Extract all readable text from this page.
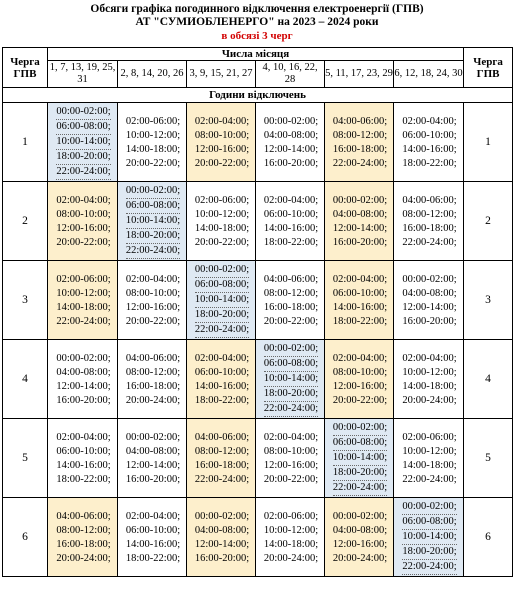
Обсяги графіка погодинного відключення електроенергії (ГПВ)
АТ "СУМИОБЛЕНЕРГО" на 2023 – 2024 роки
в обсязі 3 черг
Черга ГПВ	Числа місяця						Черга ГПВ
	1, 7, 13, 19, 25, 31	2, 8, 14, 20, 26	3, 9, 15, 21, 27	4, 10, 16, 22, 28	5, 11, 17, 23, 29	6, 12, 18, 24, 30	
Години відключень							
1	00:00-02:00;
06:00-08:00;
10:00-14:00;
18:00-20:00;
22:00-24:00;	02:00-06:00;
10:00-12:00;
14:00-18:00;
20:00-22:00;	02:00-04:00;
08:00-10:00;
12:00-16:00;
20:00-22:00;	00:00-02:00;
04:00-08:00;
12:00-14:00;
16:00-20:00;	04:00-06:00;
08:00-12:00;
16:00-18:00;
22:00-24:00;	02:00-04:00;
06:00-10:00;
14:00-16:00;
18:00-22:00;	1
2	02:00-04:00;
08:00-10:00;
12:00-16:00;
20:00-22:00;	00:00-02:00;
06:00-08:00;
10:00-14:00;
18:00-20:00;
22:00-24:00;	02:00-06:00;
10:00-12:00;
14:00-18:00;
20:00-22:00;	02:00-04:00;
06:00-10:00;
14:00-16:00;
18:00-22:00;	00:00-02:00;
04:00-08:00;
12:00-14:00;
16:00-20:00;	04:00-06:00;
08:00-12:00;
16:00-18:00;
22:00-24:00;	2
3	02:00-06:00;
10:00-12:00;
14:00-18:00;
22:00-24:00;	02:00-04:00;
08:00-10:00;
12:00-16:00;
20:00-22:00;	00:00-02:00;
06:00-08:00;
10:00-14:00;
18:00-20:00;
22:00-24:00;	04:00-06:00;
08:00-12:00;
16:00-18:00;
20:00-22:00;	02:00-04:00;
06:00-10:00;
14:00-16:00;
18:00-22:00;	00:00-02:00;
04:00-08:00;
12:00-14:00;
16:00-20:00;	3
4	00:00-02:00;
04:00-08:00;
12:00-14:00;
16:00-20:00;	04:00-06:00;
08:00-12:00;
16:00-18:00;
20:00-24:00;	02:00-04:00;
06:00-10:00;
14:00-16:00;
18:00-22:00;	00:00-02:00;
06:00-08:00;
10:00-14:00;
18:00-20:00;
22:00-24:00;	02:00-04:00;
08:00-10:00;
12:00-16:00;
20:00-22:00;	02:00-04:00;
10:00-12:00;
14:00-18:00;
20:00-24:00;	4
5	02:00-04:00;
06:00-10:00;
14:00-16:00;
18:00-22:00;	00:00-02:00;
04:00-08:00;
12:00-14:00;
16:00-20:00;	04:00-06:00;
08:00-12:00;
16:00-18:00;
22:00-24:00;	02:00-04:00;
08:00-10:00;
12:00-16:00;
20:00-22:00;	00:00-02:00;
06:00-08:00;
10:00-14:00;
18:00-20:00;
22:00-24:00;	02:00-06:00;
10:00-12:00;
14:00-18:00;
22:00-24:00;	5
6	04:00-06:00;
08:00-12:00;
16:00-18:00;
20:00-24:00;	02:00-04:00;
06:00-10:00;
14:00-16:00;
18:00-22:00;	00:00-02:00;
04:00-08:00;
12:00-14:00;
16:00-20:00;	02:00-06:00;
10:00-12:00;
14:00-18:00;
20:00-24:00;	00:00-02:00;
04:00-08:00;
12:00-16:00;
20:00-24:00;	00:00-02:00;
06:00-08:00;
10:00-14:00;
18:00-20:00;
22:00-24:00;	6
